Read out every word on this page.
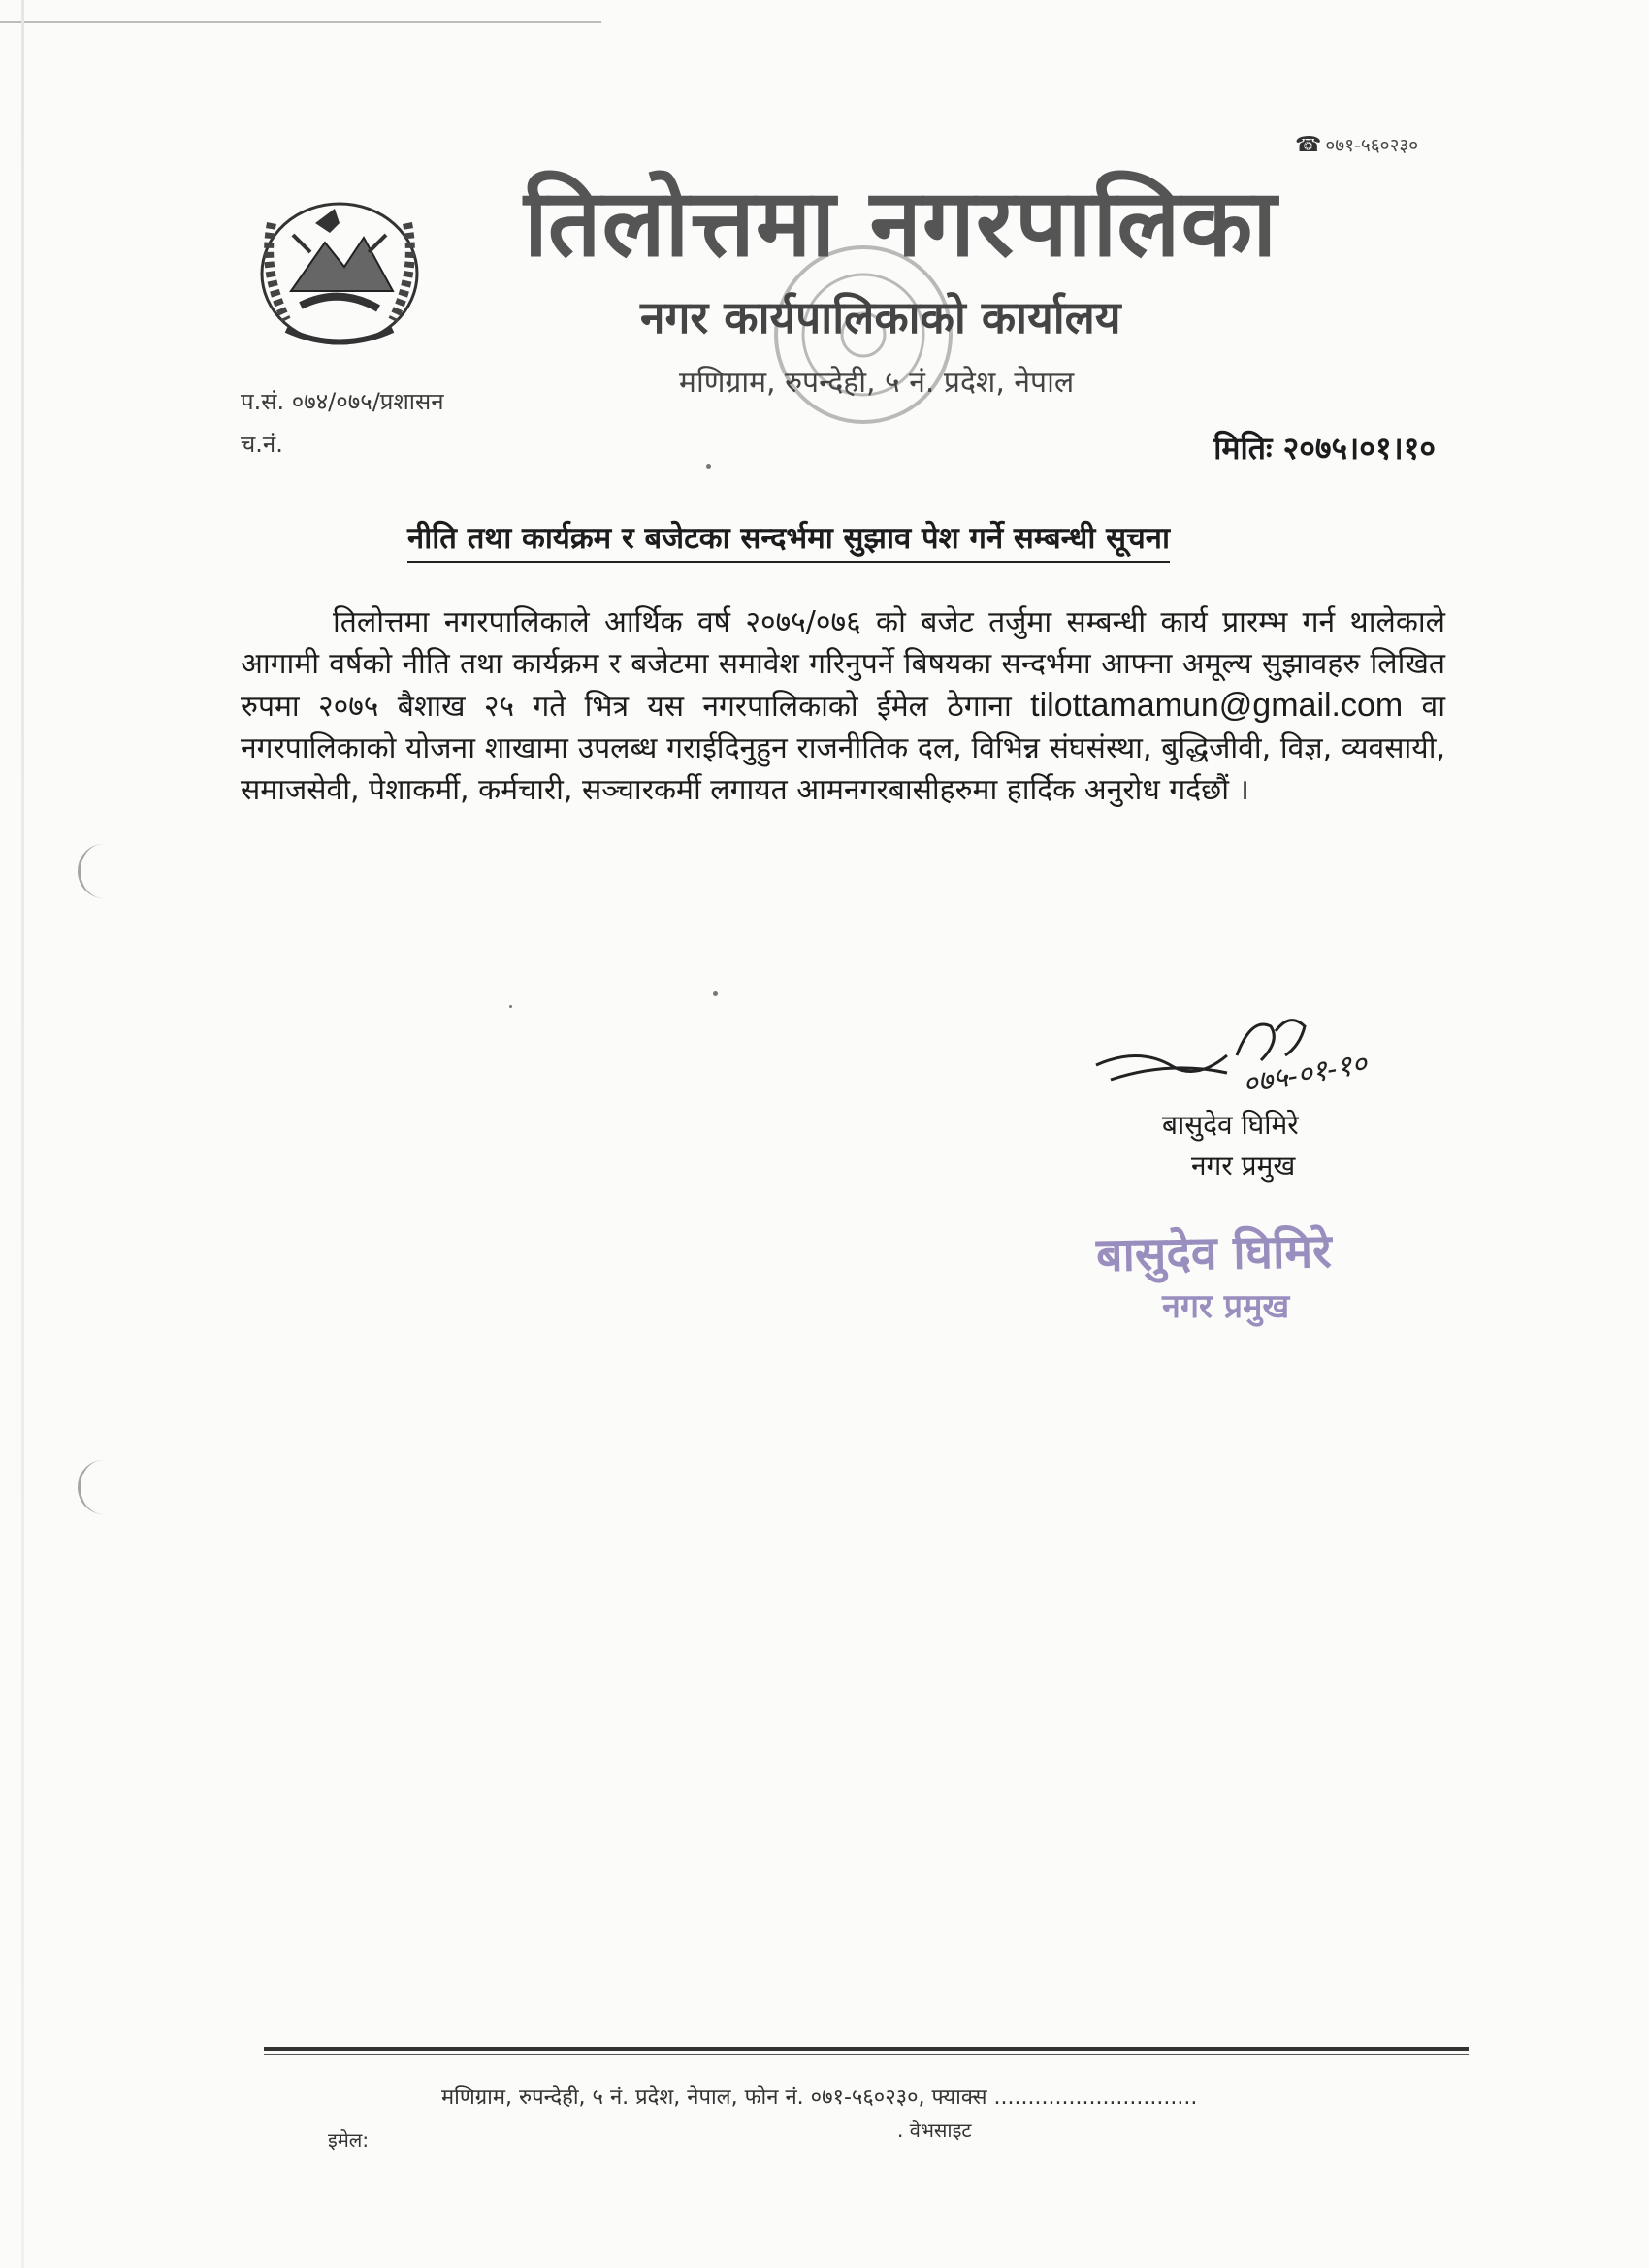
☎ ०७१-५६०२३०
तिलोत्तमा नगरपालिका
नगर कार्यपालिकाको कार्यालय
मणिग्राम, रुपन्देही, ५ नं. प्रदेश, नेपाल
प.सं. ०७४/०७५/प्रशासन
च.नं.	मितिः २०७५।०१।१०
नीति तथा कार्यक्रम र बजेटका सन्दर्भमा सुझाव पेश गर्ने सम्बन्धी सूचना
तिलोत्तमा नगरपालिकाले आर्थिक वर्ष २०७५/०७६ को बजेट तर्जुमा सम्बन्धी कार्य प्रारम्भ गर्न थालेकाले आगामी वर्षको नीति तथा कार्यक्रम र बजेटमा समावेश गरिनुपर्ने बिषयका सन्दर्भमा आफ्ना अमूल्य सुझावहरु लिखित रुपमा २०७५ बैशाख २५ गते भित्र यस नगरपालिकाको ईमेल ठेगाना tilottamamun@gmail.com वा नगरपालिकाको योजना शाखामा उपलब्ध गराईदिनुहुन राजनीतिक दल, विभिन्न संघसंस्था, बुद्धिजीवी, विज्ञ, व्यवसायी, समाजसेवी, पेशाकर्मी, कर्मचारी, सञ्चारकर्मी लगायत आमनगरबासीहरुमा हार्दिक अनुरोध गर्दछौं ।
०७५-०१-१०
बासुदेव घिमिरे
नगर प्रमुख
बासुदेव घिमिरे
नगर प्रमुख
मणिग्राम, रुपन्देही, ५ नं. प्रदेश, नेपाल, फोन नं. ०७१-५६०२३०, फ्याक्स ..............................
इमेल:	. वेभसाइट
